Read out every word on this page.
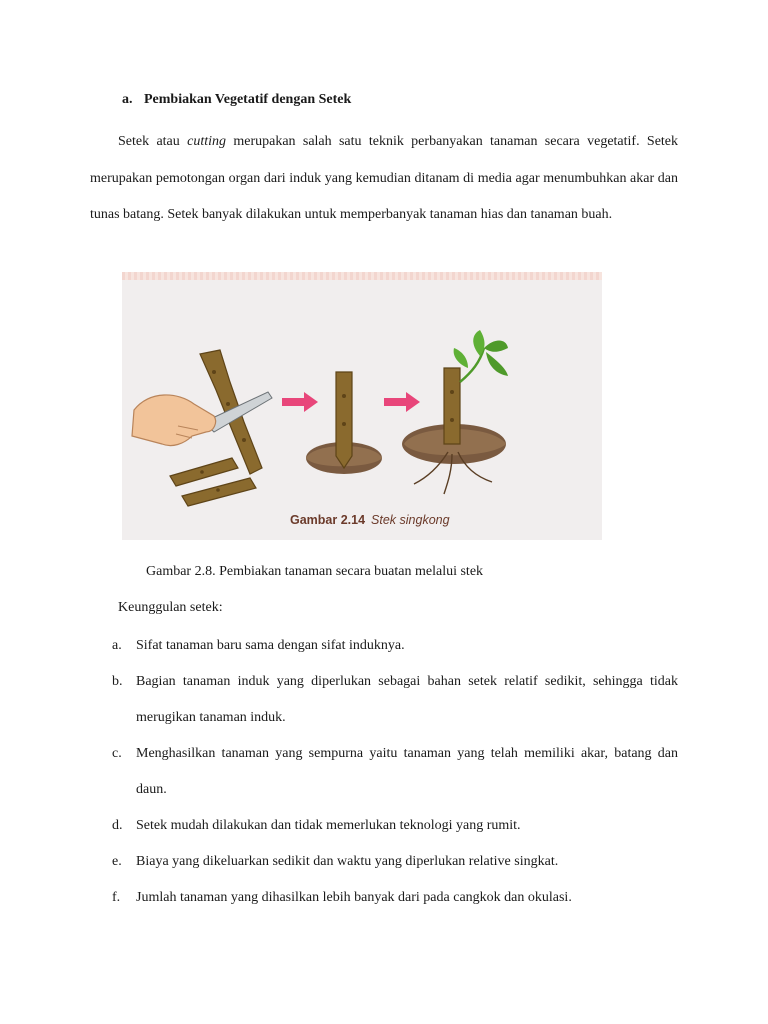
a. Pembiakan Vegetatif dengan Setek

Setek atau cutting merupakan salah satu teknik perbanyakan tanaman secara vegetatif. Setek merupakan pemotongan organ dari induk yang kemudian ditanam di media agar menumbuhkan akar dan tunas batang. Setek banyak dilakukan untuk memperbanyak tanaman hias dan tanaman buah.

Gambar 2.14 Stek singkong
Gambar 2.8. Pembiakan tanaman secara buatan melalui stek
Keunggulan setek:
a. Sifat tanaman baru sama dengan sifat induknya.
b. Bagian tanaman induk yang diperlukan sebagai bahan setek relatif sedikit, sehingga tidak merugikan tanaman induk.
c. Menghasilkan tanaman yang sempurna yaitu tanaman yang telah memiliki akar, batang dan daun.
d. Setek mudah dilakukan dan tidak memerlukan teknologi yang rumit.
e. Biaya yang dikeluarkan sedikit dan waktu yang diperlukan relative singkat.
f. Jumlah tanaman yang dihasilkan lebih banyak dari pada cangkok dan okulasi.
